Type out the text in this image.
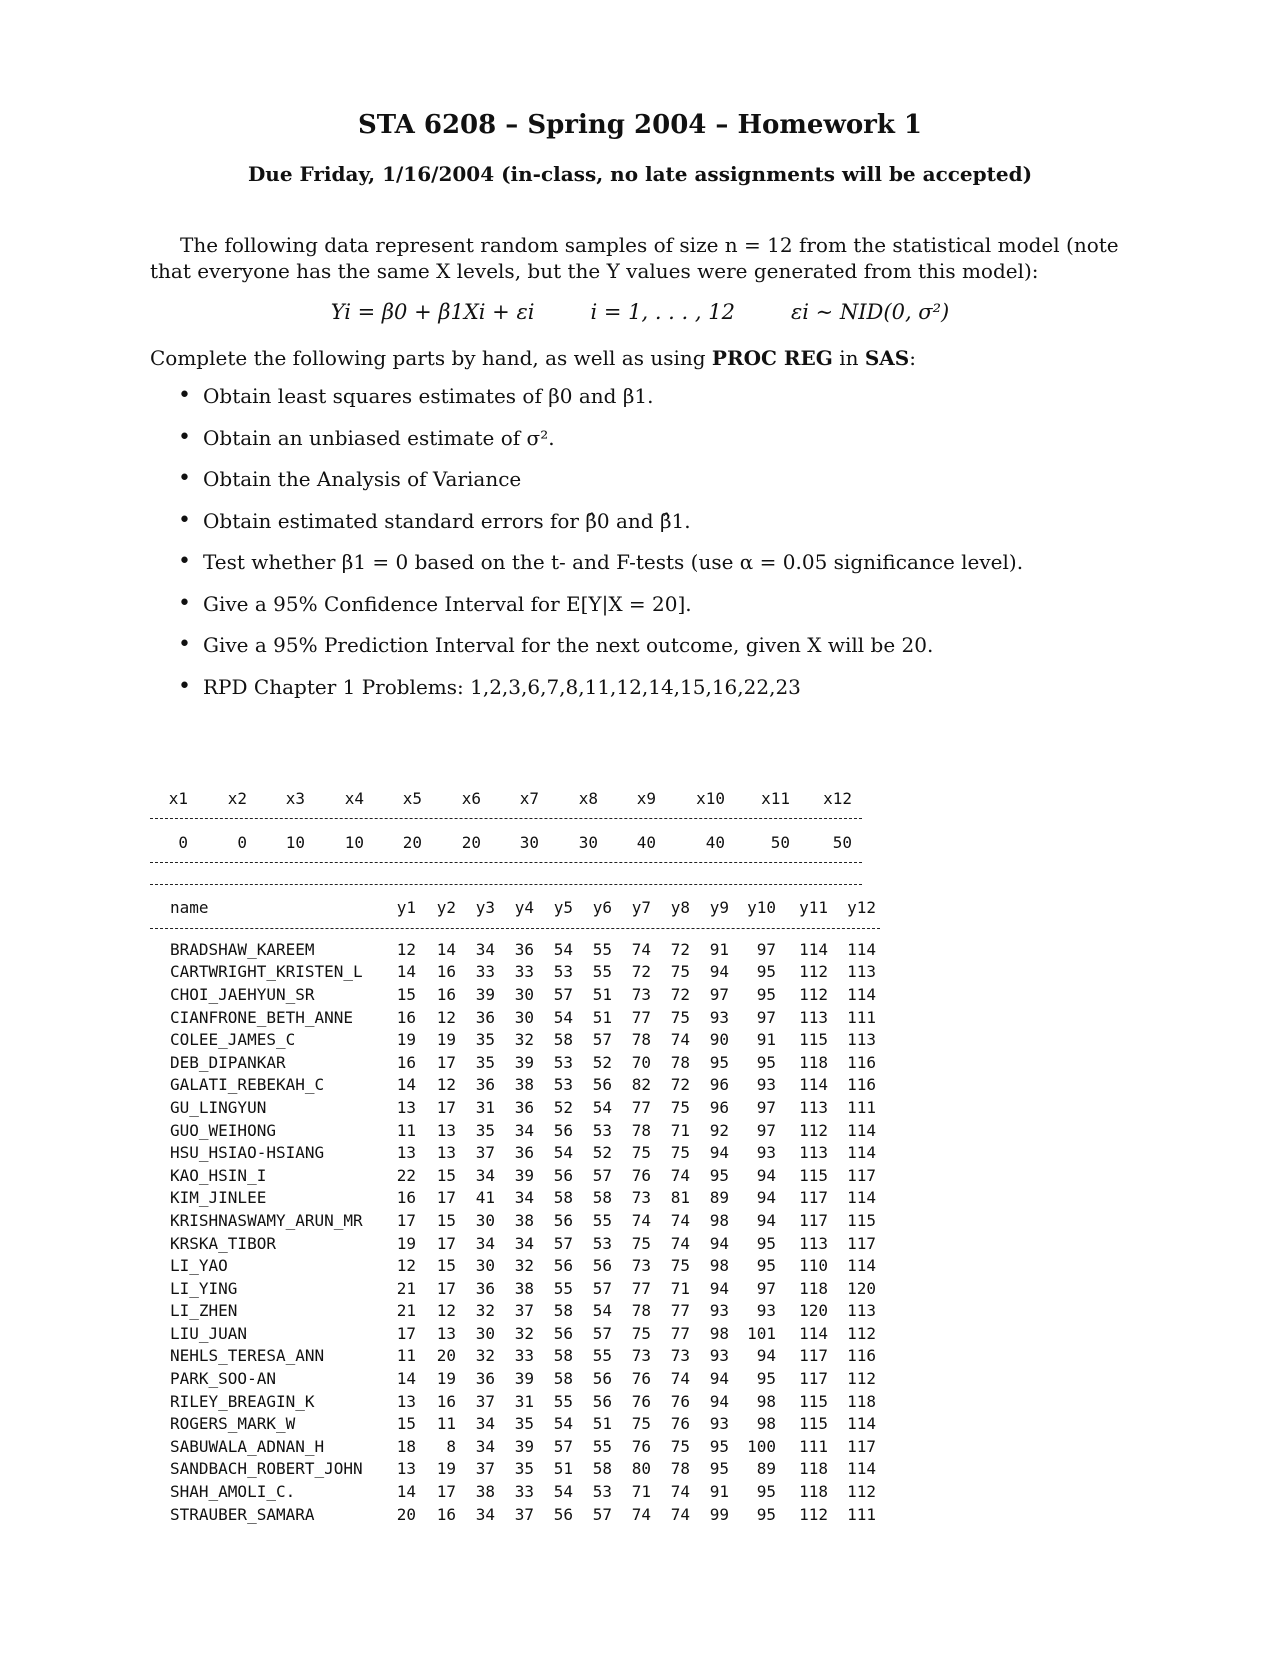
STA 6208 – Spring 2004 – Homework 1
Due Friday, 1/16/2004 (in-class, no late assignments will be accepted)

The following data represent random samples of size n = 12 from the statistical model (note that everyone has the same X levels, but the Y values were generated from this model):

Yi = β0 + β1Xi + εi	i = 1, . . . , 12	εi ∼ NID(0, σ²)

Complete the following parts by hand, as well as using PROC REG in SAS:

• Obtain least squares estimates of β0 and β1.
• Obtain an unbiased estimate of σ².
• Obtain the Analysis of Variance
• Obtain estimated standard errors for β̂0 and β̂1.
• Test whether β1 = 0 based on the t- and F-tests (use α = 0.05 significance level).
• Give a 95% Confidence Interval for E[Y|X = 20].
• Give a 95% Prediction Interval for the next outcome, given X will be 20.
• RPD Chapter 1 Problems: 1,2,3,6,7,8,11,12,14,15,16,22,23
x1	x2	x3	x4	x5	x6	x7	x8	x9	x10	x11	x12
0	0	10	10	20	20	30	30	40	40	50	50
name	y1	y2	y3	y4	y5	y6	y7	y8	y9	y10	y11	y12

BRADSHAW_KAREEM	12	14	34	36	54	55	74	72	91	97	114	114
CARTWRIGHT_KRISTEN_L	14	16	33	33	53	55	72	75	94	95	112	113
CHOI_JAEHYUN_SR	15	16	39	30	57	51	73	72	97	95	112	114
CIANFRONE_BETH_ANNE	16	12	36	30	54	51	77	75	93	97	113	111
COLEE_JAMES_C	19	19	35	32	58	57	78	74	90	91	115	113
DEB_DIPANKAR	16	17	35	39	53	52	70	78	95	95	118	116
GALATI_REBEKAH_C	14	12	36	38	53	56	82	72	96	93	114	116
GU_LINGYUN	13	17	31	36	52	54	77	75	96	97	113	111
GUO_WEIHONG	11	13	35	34	56	53	78	71	92	97	112	114
HSU_HSIAO-HSIANG	13	13	37	36	54	52	75	75	94	93	113	114
KAO_HSIN_I	22	15	34	39	56	57	76	74	95	94	115	117
KIM_JINLEE	16	17	41	34	58	58	73	81	89	94	117	114
KRISHNASWAMY_ARUN_MR	17	15	30	38	56	55	74	74	98	94	117	115
KRSKA_TIBOR	19	17	34	34	57	53	75	74	94	95	113	117
LI_YAO	12	15	30	32	56	56	73	75	98	95	110	114
LI_YING	21	17	36	38	55	57	77	71	94	97	118	120
LI_ZHEN	21	12	32	37	58	54	78	77	93	93	120	113
LIU_JUAN	17	13	30	32	56	57	75	77	98	101	114	112
NEHLS_TERESA_ANN	11	20	32	33	58	55	73	73	93	94	117	116
PARK_SOO-AN	14	19	36	39	58	56	76	74	94	95	117	112
RILEY_BREAGIN_K	13	16	37	31	55	56	76	76	94	98	115	118
ROGERS_MARK_W	15	11	34	35	54	51	75	76	93	98	115	114
SABUWALA_ADNAN_H	18	8	34	39	57	55	76	75	95	100	111	117
SANDBACH_ROBERT_JOHN	13	19	37	35	51	58	80	78	95	89	118	114
SHAH_AMOLI_C.	14	17	38	33	54	53	71	74	91	95	118	112
STRAUBER_SAMARA	20	16	34	37	56	57	74	74	99	95	112	111
